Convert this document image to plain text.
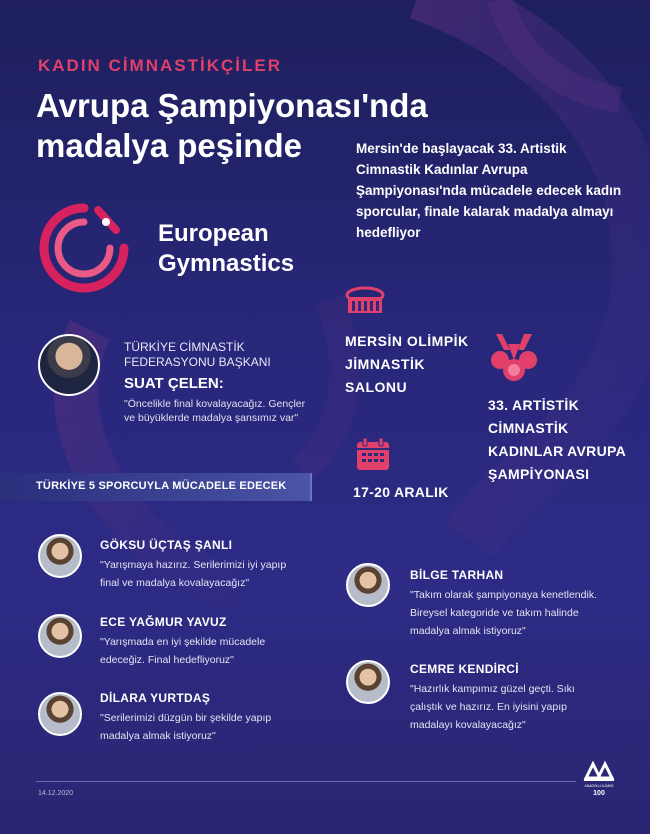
KADIN CİMNASTİKÇİLER
Avrupa Şampiyonası'nda
madalya peşinde	Mersin'de başlayacak 33. Artistik Cimnastik Kadınlar Avrupa Şampiyonası'nda mücadele edecek kadın sporcular, finale kalarak madalya almayı hedefliyor
European
Gymnastics
TÜRKİYE CİMNASTİK
FEDERASYONU BAŞKANI
SUAT ÇELEN:
"Öncelikle final kovalayacağız. Gençler ve büyüklerde madalya şansımız var"
MERSİN OLİMPİK
JİMNASTİK
SALONU
33. ARTİSTİK
CİMNASTİK
KADINLAR AVRUPA
ŞAMPİYONASI
17-20 ARALIK
TÜRKİYE 5 SPORCUYLA MÜCADELE EDECEK
GÖKSU ÜÇTAŞ ŞANLI
"Yarışmaya hazırız. Serilerimizi iyi yapıp
final ve madalya kovalayacağız"
ECE YAĞMUR YAVUZ
"Yarışmada en iyi şekilde mücadele
edeceğiz. Final hedefliyoruz"
DİLARA YURTDAŞ
"Serilerimizi düzgün bir şekilde yapıp
madalya almak istiyoruz"
BİLGE TARHAN
"Takım olarak şampiyonaya kenetlendik.
Bireysel kategoride ve takım halinde
madalya almak istiyoruz"
CEMRE KENDİRCİ
"Hazırlık kampımız güzel geçti. Sıkı
çalıştık ve hazırız. En iyisini yapıp
madalayı kovalayacağız"
14.12.2020
ANADOLU AJANSI
100
